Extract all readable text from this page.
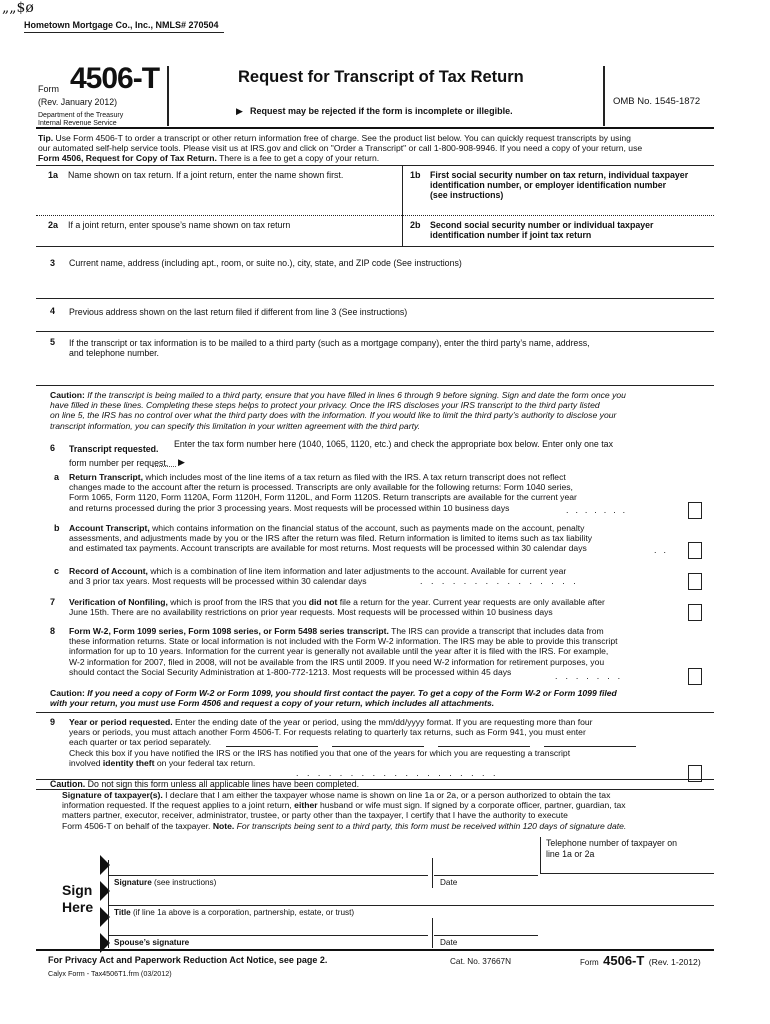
„„$ø
Hometown Mortgage Co., Inc., NMLS# 270504
Form 4506-T
(Rev. January 2012)
Department of the Treasury
Internal Revenue Service
Request for Transcript of Tax Return
▶ Request may be rejected if the form is incomplete or illegible.
OMB No. 1545-1872

Tip. Use Form 4506-T to order a transcript or other return information free of charge. See the product list below. You can quickly request transcripts by using

our automated self-help service tools. Please visit us at IRS.gov and click on "Order a Transcript" or call 1-800-908-9946. If you need a copy of your return, use

Form 4506, Request for Copy of Tax Return. There is a fee to get a copy of your return.

1a Name shown on tax return. If a joint return, enter the name shown first.	1b First social security number on tax return, individual taxpayer
identification number, or employer identification number
(see instructions)
2a If a joint return, enter spouse’s name shown on tax return	2b Second social security number or individual taxpayer
identification number if joint tax return
3 Current name, address (including apt., room, or suite no.), city, state, and ZIP code (See instructions)
4 Previous address shown on the last return filed if different from line 3 (See instructions)
5 If the transcript or tax information is to be mailed to a third party (such as a mortgage company), enter the third party’s name, address,
and telephone number.

Caution: If the transcript is being mailed to a third party, ensure that you have filled in lines 6 through 9 before signing. Sign and date the form once you

have filled in these lines. Completing these steps helps to protect your privacy. Once the IRS discloses your IRS transcript to the third party listed

on line 5, the IRS has no control over what the third party does with the information. If you would like to limit the third party’s authority to disclose your

transcript information, you can specify this limitation in your written agreement with the third party.

6 Transcript requested. Enter the tax form number here (1040, 1065, 1120, etc.) and check the appropriate box below. Enter only one tax
form number per request. ▶
a Return Transcript, which includes most of the line items of a tax return as filed with the IRS. A tax return transcript does not reflect

changes made to the account after the return is processed. Transcripts are only available for the following returns: Form 1040 series,

Form 1065, Form 1120, Form 1120A, Form 1120H, Form 1120L, and Form 1120S. Return transcripts are available for the current year

and returns processed during the prior 3 processing years. Most requests will be processed within 10 business days	.......
b Account Transcript, which contains information on the financial status of the account, such as payments made on the account, penalty

assessments, and adjustments made by you or the IRS after the return was filed. Return information is limited to items such as tax liability

and estimated tax payments. Account transcripts are available for most returns. Most requests will be processed within 30 calendar days	..
c Record of Account, which is a combination of line item information and later adjustments to the account. Available for current year

and 3 prior tax years. Most requests will be processed within 30 calendar days	...............
7 Verification of Nonfiling, which is proof from the IRS that you did not file a return for the year. Current year requests are only available after

June 15th. There are no availability restrictions on prior year requests. Most requests will be processed within 10 business days

8 Form W-2, Form 1099 series, Form 1098 series, or Form 5498 series transcript. The IRS can provide a transcript that includes data from

these information returns. State or local information is not included with the Form W-2 information. The IRS may be able to provide this transcript

information for up to 10 years. Information for the current year is generally not available until the year after it is filed with the IRS. For example,

W-2 information for 2007, filed in 2008, will not be available from the IRS until 2009. If you need W-2 information for retirement purposes, you

should contact the Social Security Administration at 1-800-772-1213. Most requests will be processed within 45 days	.......

Caution: If you need a copy of Form W-2 or Form 1099, you should first contact the payer. To get a copy of the Form W-2 or Form 1099 filed

with your return, you must use Form 4506 and request a copy of your return, which includes all attachments.

9 Year or period requested. Enter the ending date of the year or period, using the mm/dd/yyyy format. If you are requesting more than four

years or periods, you must attach another Form 4506-T. For requests relating to quarterly tax returns, such as Form 941, you must enter

each quarter or tax period separately.

Check this box if you have notified the IRS or the IRS has notified you that one of the years for which you are requesting a transcript

involved identity theft on your federal tax return.

...................
Caution. Do not sign this form unless all applicable lines have been completed.

Signature of taxpayer(s). I declare that I am either the taxpayer whose name is shown on line 1a or 2a, or a person authorized to obtain the tax

information requested. If the request applies to a joint return, either husband or wife must sign. If signed by a corporate officer, partner, guardian, tax

matters partner, executor, receiver, administrator, trustee, or party other than the taxpayer, I certify that I have the authority to execute

Form 4506-T on behalf of the taxpayer. Note. For transcripts being sent to a third party, this form must be received within 120 days of signature date.

Telephone number of taxpayer on
line 1a or 2a
Sign
Here
Signature (see instructions)	Date
Title (if line 1a above is a corporation, partnership, estate, or trust)
Spouse’s signature	Date
For Privacy Act and Paperwork Reduction Act Notice, see page 2.	Cat. No. 37667N	Form 4506-T (Rev. 1-2012)
Calyx Form - Tax4506T1.frm (03/2012)
